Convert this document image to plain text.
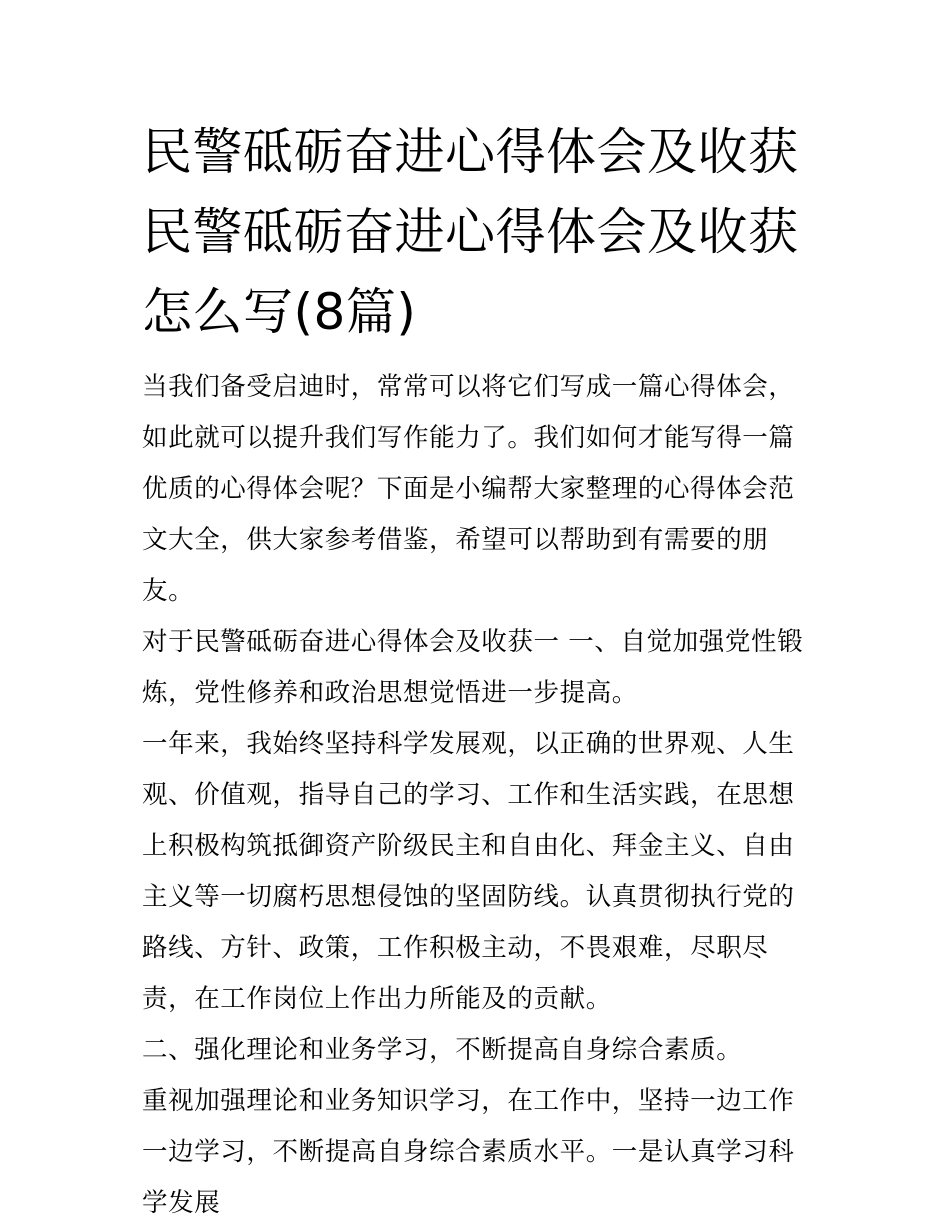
民警砥砺奋进心得体会及收获
民警砥砺奋进心得体会及收获
怎么写(8篇)

当我们备受启迪时，常常可以将它们写成一篇心得体会，如此就可以提升我们写作能力了。我们如何才能写得一篇优质的心得体会呢？下面是小编帮大家整理的心得体会范文大全，供大家参考借鉴，希望可以帮助到有需要的朋友。

对于民警砥砺奋进心得体会及收获一 一、自觉加强党性锻炼，党性修养和政治思想觉悟进一步提高。

一年来，我始终坚持科学发展观，以正确的世界观、人生观、价值观，指导自己的学习、工作和生活实践，在思想上积极构筑抵御资产阶级民主和自由化、拜金主义、自由主义等一切腐朽思想侵蚀的坚固防线。认真贯彻执行党的路线、方针、政策，工作积极主动，不畏艰难，尽职尽责，在工作岗位上作出力所能及的贡献。

二、强化理论和业务学习，不断提高自身综合素质。

重视加强理论和业务知识学习，在工作中，坚持一边工作一边学习，不断提高自身综合素质水平。一是认真学习科学发展
